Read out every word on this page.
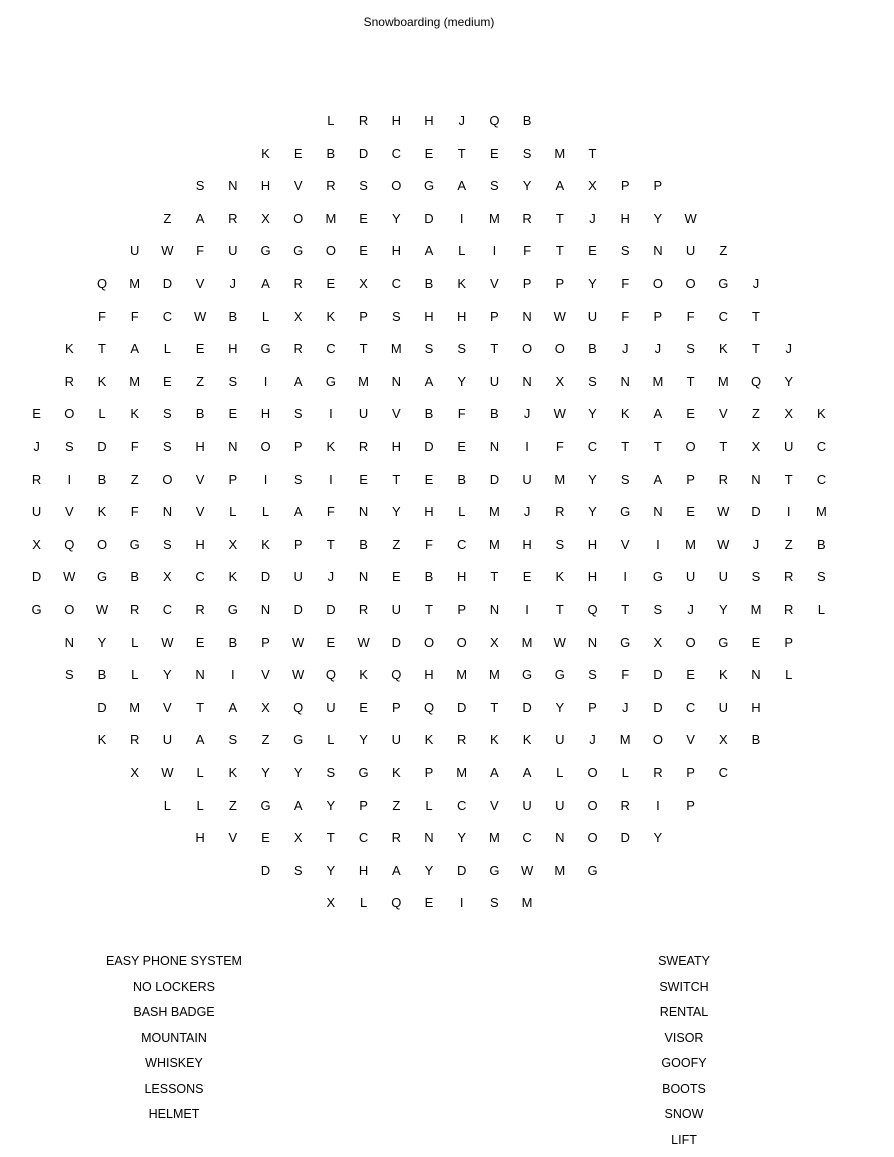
Snowboarding (medium)
L	R	H	H	J	Q	B
K	E	B	D	C	E	T	E	S	M	T
S	N	H	V	R	S	O	G	A	S	Y	A	X	P	P
Z	A	R	X	O	M	E	Y	D	I	M	R	T	J	H	Y	W
U	W	F	U	G	G	O	E	H	A	L	I	F	T	E	S	N	U	Z
Q	M	D	V	J	A	R	E	X	C	B	K	V	P	P	Y	F	O	O	G	J
F	F	C	W	B	L	X	K	P	S	H	H	P	N	W	U	F	P	F	C	T
K	T	A	L	E	H	G	R	C	T	M	S	S	T	O	O	B	J	J	S	K	T	J
R	K	M	E	Z	S	I	A	G	M	N	A	Y	U	N	X	S	N	M	T	M	Q	Y
E	O	L	K	S	B	E	H	S	I	U	V	B	F	B	J	W	Y	K	A	E	V	Z	X	K
J	S	D	F	S	H	N	O	P	K	R	H	D	E	N	I	F	C	T	T	O	T	X	U	C
R	I	B	Z	O	V	P	I	S	I	E	T	E	B	D	U	M	Y	S	A	P	R	N	T	C
U	V	K	F	N	V	L	L	A	F	N	Y	H	L	M	J	R	Y	G	N	E	W	D	I	M
X	Q	O	G	S	H	X	K	P	T	B	Z	F	C	M	H	S	H	V	I	M	W	J	Z	B
D	W	G	B	X	C	K	D	U	J	N	E	B	H	T	E	K	H	I	G	U	U	S	R	S
G	O	W	R	C	R	G	N	D	D	R	U	T	P	N	I	T	Q	T	S	J	Y	M	R	L
N	Y	L	W	E	B	P	W	E	W	D	O	O	X	M	W	N	G	X	O	G	E	P
S	B	L	Y	N	I	V	W	Q	K	Q	H	M	M	G	G	S	F	D	E	K	N	L
D	M	V	T	A	X	Q	U	E	P	Q	D	T	D	Y	P	J	D	C	U	H
K	R	U	A	S	Z	G	L	Y	U	K	R	K	K	U	J	M	O	V	X	B
X	W	L	K	Y	Y	S	G	K	P	M	A	A	L	O	L	R	P	C
L	L	Z	G	A	Y	P	Z	L	C	V	U	U	O	R	I	P
H	V	E	X	T	C	R	N	Y	M	C	N	O	D	Y
D	S	Y	H	A	Y	D	G	W	M	G
X	L	Q	E	I	S	M
EASY PHONE SYSTEM
NO LOCKERS
BASH BADGE
MOUNTAIN
WHISKEY
LESSONS
HELMET
SWEATY
SWITCH
RENTAL
VISOR
GOOFY
BOOTS
SNOW
LIFT
